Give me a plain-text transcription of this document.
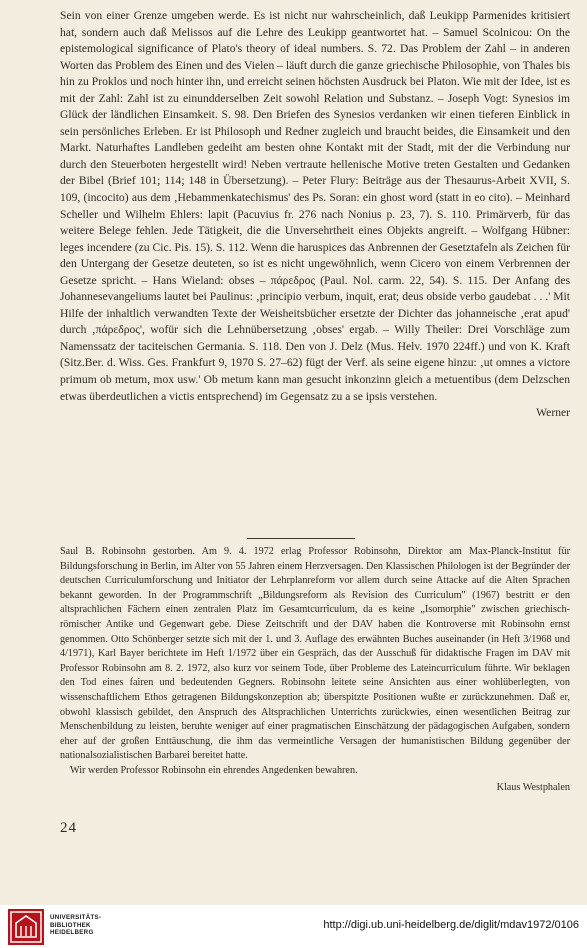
Sein von einer Grenze umgeben werde. Es ist nicht nur wahrscheinlich, daß Leukipp Parmenides kritisiert hat, sondern auch daß Melissos auf die Lehre des Leukipp geantwortet hat. – Samuel Scolnicou: On the epistemological significance of Plato's theory of ideal numbers. S. 72. Das Problem der Zahl – in anderen Worten das Problem des Einen und des Vielen – läuft durch die ganze griechische Philosophie, von Thales bis hin zu Proklos und noch hinter ihn, und erreicht seinen höchsten Ausdruck bei Platon. Wie mit der Idee, ist es mit der Zahl: Zahl ist zu einundderselben Zeit sowohl Relation und Substanz. – Joseph Vogt: Synesios im Glück der ländlichen Einsamkeit. S. 98. Den Briefen des Synesios verdanken wir einen tieferen Einblick in sein persönliches Erleben. Er ist Philosoph und Redner zugleich und braucht beides, die Einsamkeit und den Markt. Naturhaftes Landleben gedeiht am besten ohne Kontakt mit der Stadt, mit der die Verbindung nur durch den Steuerboten hergestellt wird! Neben vertraute hellenische Motive treten Gestalten und Gedanken der Bibel (Brief 101; 114; 148 in Übersetzung). – Peter Flury: Beiträge aus der Thesaurus-Arbeit XVII, S. 109, (incocito) aus dem ‚Hebammenkatechismus' des Ps. Soran: ein ghost word (statt in eo cito). – Meinhard Scheller und Wilhelm Ehlers: lapit (Pacuvius fr. 276 nach Nonius p. 23, 7). S. 110. Primärverb, für das weitere Belege fehlen. Jede Tätigkeit, die die Unversehrtheit eines Objekts angreift. – Wolfgang Hübner: leges incendere (zu Cic. Pis. 15). S. 112. Wenn die haruspices das Anbrennen der Gesetztafeln als Zeichen für den Untergang der Gesetze deuteten, so ist es nicht ungewöhnlich, wenn Cicero von einem Verbrennen der Gesetze spricht. – Hans Wieland: obses – πάρεδρος (Paul. Nol. carm. 22, 54). S. 115. Der Anfang des Johannesevangeliums lautet bei Paulinus: ‚principio verbum, inquit, erat; deus obside verbo gaudebat . . .' Mit Hilfe der inhaltlich verwandten Texte der Weisheitsbücher ersetzte der Dichter das johanneische ‚erat apud' durch ‚πάρεδρος', wofür sich die Lehnübersetzung ‚obses' ergab. – Willy Theiler: Drei Vorschläge zum Namenssatz der taciteischen Germania. S. 118. Den von J. Delz (Mus. Helv. 1970 224ff.) und von K. Kraft (Sitz.Ber. d. Wiss. Ges. Frankfurt 9, 1970 S. 27–62) fügt der Verf. als seine eigene hinzu: ‚ut omnes a victore primum ob metum, mox usw.' Ob metum kann man gesucht inkonzinn gleich a metuentibus (dem Delzschen etwas überdeutlichen a victis entsprechend) im Gegensatz zu a se ipsis verstehen.

Werner

Saul B. Robinsohn gestorben. Am 9. 4. 1972 erlag Professor Robinsohn, Direktor am Max-Planck-Institut für Bildungsforschung in Berlin, im Alter von 55 Jahren einem Herzversagen. Den Klassischen Philologen ist der Begründer der deutschen Curriculumforschung und Initiator der Lehrplanreform vor allem durch seine Attacke auf die Alten Sprachen bekannt geworden. In der Programmschrift „Bildungsreform als Revision des Curriculum" (1967) bestritt er den altsprachlichen Fächern einen zentralen Platz im Gesamtcurriculum, da es keine „Isomorphie" zwischen griechisch-römischer Antike und Gegenwart gebe. Diese Zeitschrift und der DAV haben die Kontroverse mit Robinsohn ernst genommen. Otto Schönberger setzte sich mit der 1. und 3. Auflage des erwähnten Buches auseinander (in Heft 3/1968 und 4/1971), Karl Bayer berichtete im Heft 1/1972 über ein Gespräch, das der Ausschuß für didaktische Fragen im DAV mit Professor Robinsohn am 8. 2. 1972, also kurz vor seinem Tode, über Probleme des Lateincurriculum führte. Wir beklagen den Tod eines fairen und bedeutenden Gegners. Robinsohn leitete seine Ansichten aus einer wohlüberlegten, von wissenschaftlichem Ethos getragenen Bildungskonzeption ab; überspitzte Positionen wußte er zurückzunehmen. Daß er, obwohl klassisch gebildet, den Anspruch des Altsprachlichen Unterrichts zurückwies, einen wesentlichen Beitrag zur Menschenbildung zu leisten, beruhte weniger auf einer pragmatischen Einschätzung der pädagogischen Aufgaben, sondern eher auf der großen Enttäuschung, die ihm das vermeintliche Versagen der humanistischen Bildung gegenüber der nationalsozialistischen Barbarei bereitet hatte.

Wir werden Professor Robinsohn ein ehrendes Angedenken bewahren.

Klaus Westphalen

24
UNIVERSITÄTS-
BIBLIOTHEK
HEIDELBERG
http://digi.ub.uni-heidelberg.de/diglit/mdav1972/0106
